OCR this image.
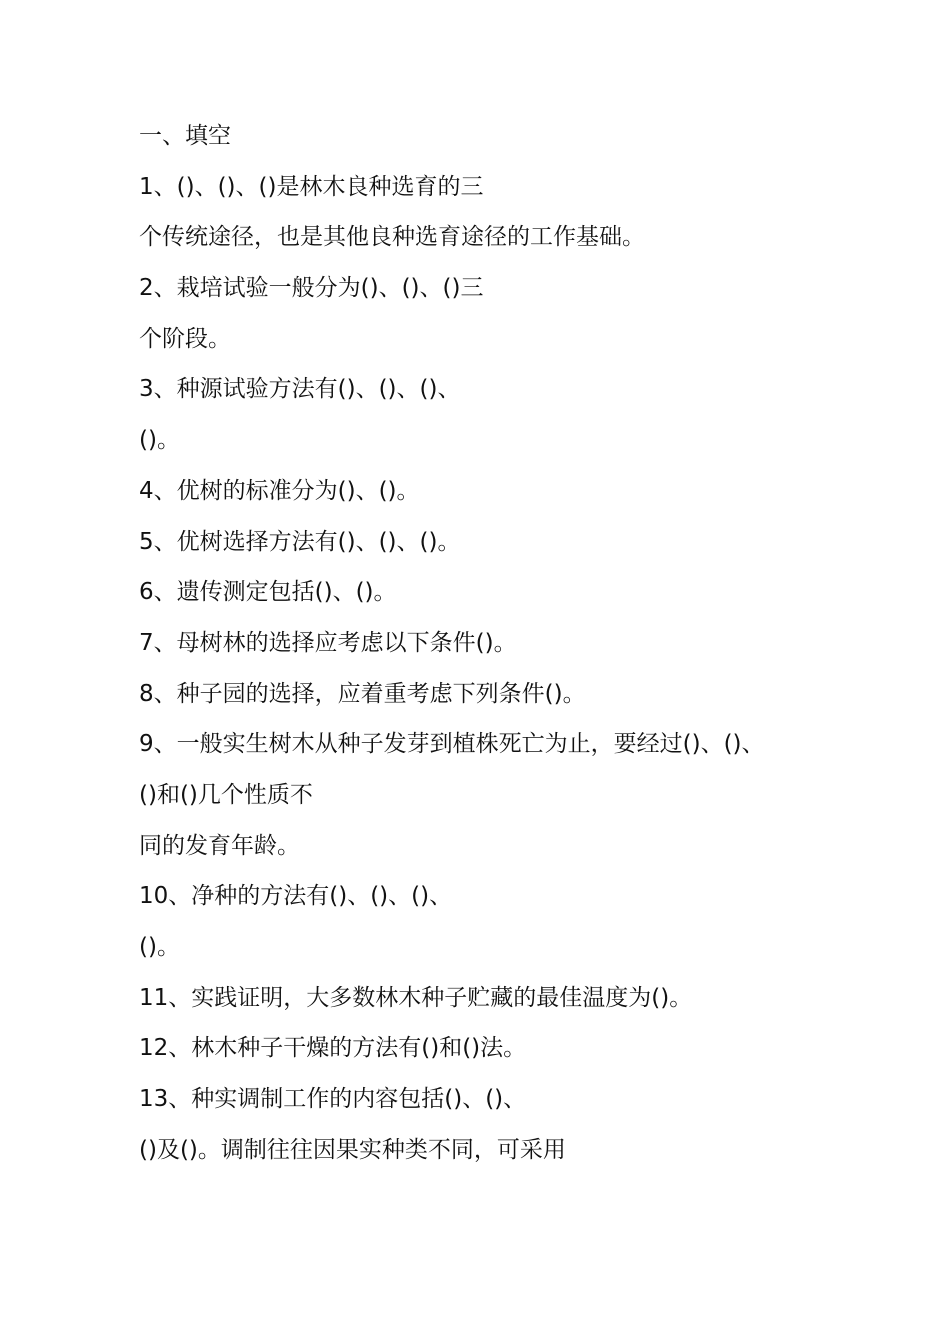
一、填空
1、()、()、()是林木良种选育的三
个传统途径，也是其他良种选育途径的工作基础。
2、栽培试验一般分为()、()、()三
个阶段。
3、种源试验方法有()、()、()、
()。
4、优树的标准分为()、()。
5、优树选择方法有()、()、()。
6、遗传测定包括()、()。
7、母树林的选择应考虑以下条件()。
8、种子园的选择，应着重考虑下列条件()。
9、一般实生树木从种子发芽到植株死亡为止，要经过()、()、
()和()几个性质不
同的发育年龄。
10、净种的方法有()、()、()、
()。
11、实践证明，大多数林木种子贮藏的最佳温度为()。
12、林木种子干燥的方法有()和()法。
13、种实调制工作的内容包括()、()、
()及()。调制往往因果实种类不同，可采用
